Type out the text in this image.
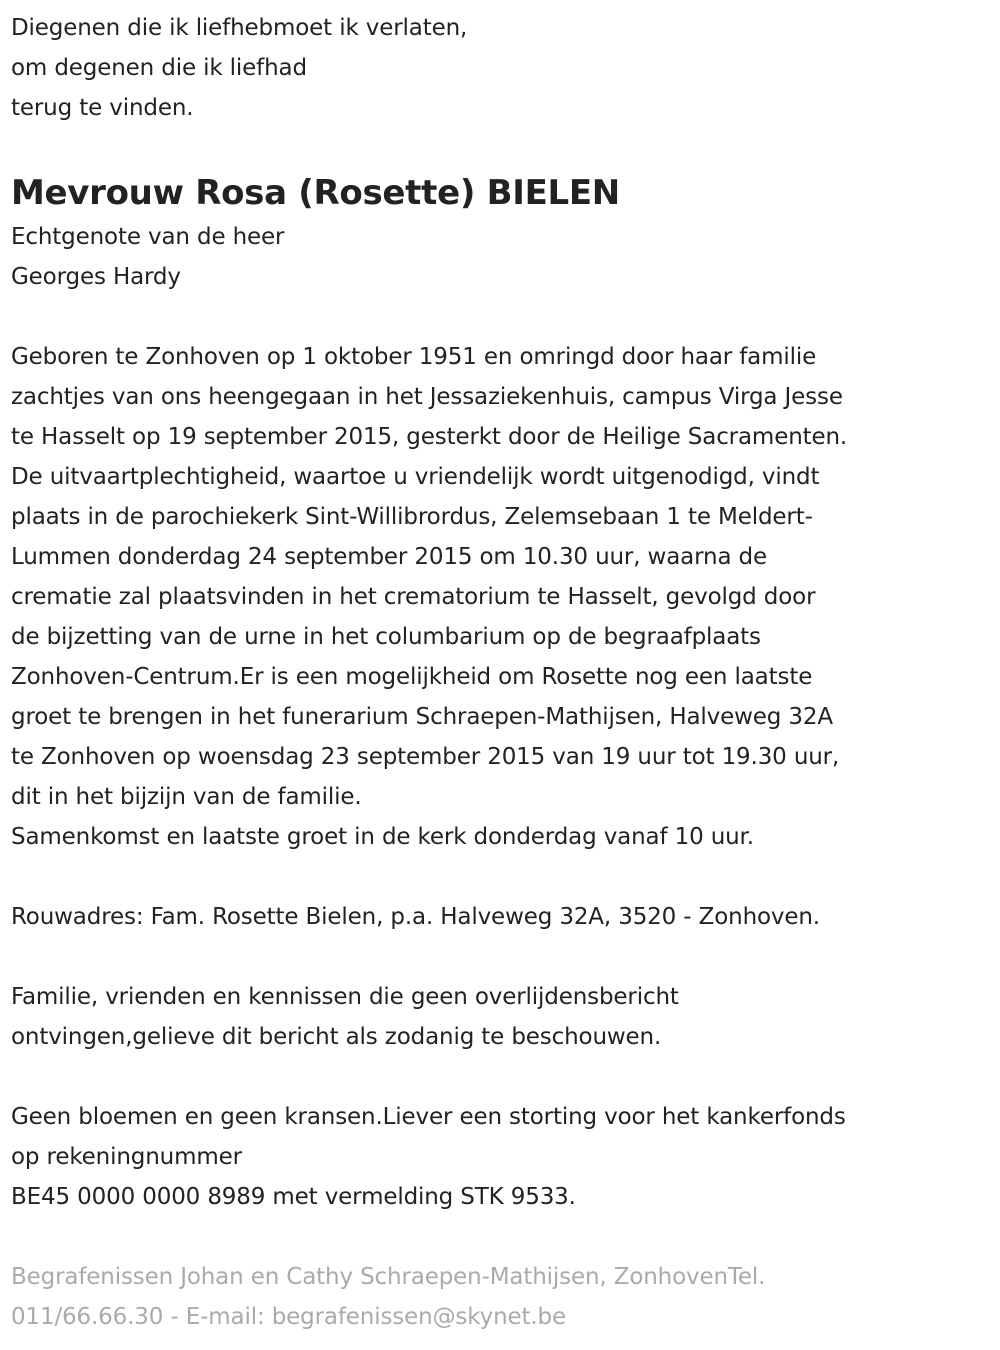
Diegenen die ik liefhebmoet ik verlaten,
om degenen die ik liefhad
terug te vinden.
Mevrouw Rosa (Rosette) BIELEN
Echtgenote van de heer
Georges Hardy
Geboren te Zonhoven op 1 oktober 1951 en omringd door haar familie
zachtjes van ons heengegaan in het Jessaziekenhuis, campus Virga Jesse
te Hasselt op 19 september 2015, gesterkt door de Heilige Sacramenten.
De uitvaartplechtigheid, waartoe u vriendelijk wordt uitgenodigd, vindt
plaats in de parochiekerk Sint-Willibrordus, Zelemsebaan 1 te Meldert-
Lummen donderdag 24 september 2015 om 10.30 uur, waarna de
crematie zal plaatsvinden in het crematorium te Hasselt, gevolgd door
de bijzetting van de urne in het columbarium op de begraafplaats
Zonhoven-Centrum.Er is een mogelijkheid om Rosette nog een laatste
groet te brengen in het funerarium Schraepen-Mathijsen, Halveweg 32A
te Zonhoven op woensdag 23 september 2015 van 19 uur tot 19.30 uur,
dit in het bijzijn van de familie.
Samenkomst en laatste groet in de kerk donderdag vanaf 10 uur.
Rouwadres: Fam. Rosette Bielen, p.a. Halveweg 32A, 3520 - Zonhoven.
Familie, vrienden en kennissen die geen overlijdensbericht
ontvingen,gelieve dit bericht als zodanig te beschouwen.
Geen bloemen en geen kransen.Liever een storting voor het kankerfonds
op rekeningnummer
BE45 0000 0000 8989 met vermelding STK 9533.
Begrafenissen Johan en Cathy Schraepen-Mathijsen, ZonhovenTel.
011/66.66.30 - E-mail: begrafenissen@skynet.be
